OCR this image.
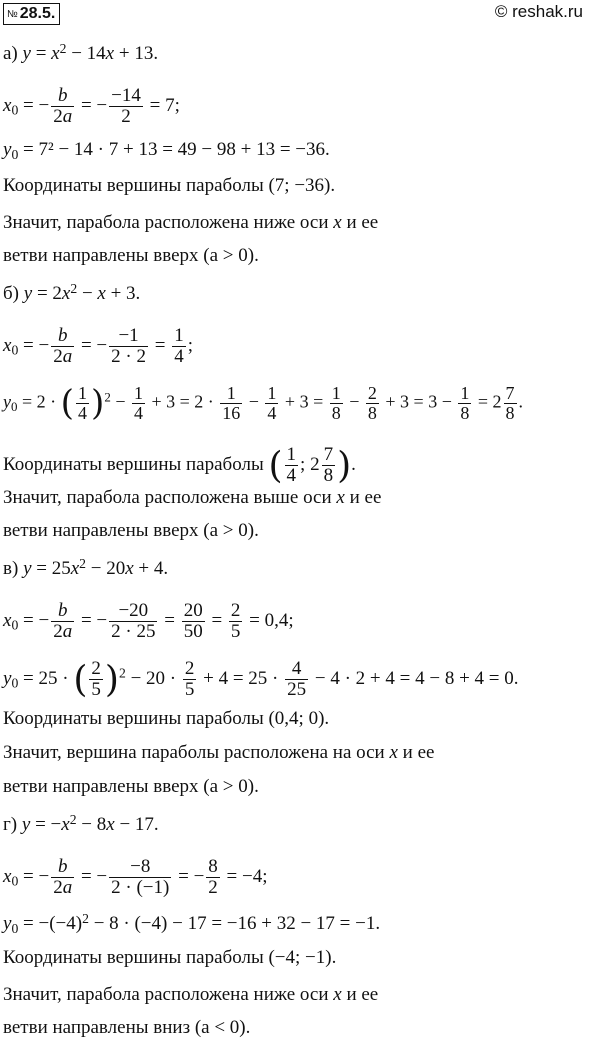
№ 28.5.	© reshak.ru
а) $y = x^2 - 14x + 13$.
$x_0$ = − $\frac{b}{2a}$ = − $\frac{-14}{2} = 7$;
$y_0 = 7^2 - 14 \cdot 7 + 13 = 49 - 98 + 13 = -36$.
Координаты вершины параболы (7; −36).
Значит, парабола расположена ниже оси x и ее
ветви направлены вверх (a > 0).
б) $y = 2x^2 - x + 3$.
$x_0$ = − $\frac{b}{2a}$ = − $\frac{-1}{2 \cdot 2} = \frac{1}{4}$ ;
$y_0 = 2$ · ( $\frac{1}{4} )^2 - \frac{1}{4} + 3 = 2 \cdot \frac{1}{16} - \frac{1}{4} + 3 = \frac{1}{8} - \frac{2}{8} + 3 = 3 - \frac{1}{8} = 2 \frac{7}{8}$ .
Координаты вершины параболы ( $\frac{1}{4}$ ; $2 \frac{7}{8}$ ).
Значит, парабола расположена выше оси x и ее
ветви направлены вверх (a > 0).
в) $y = 25x^2 - 20x + 4$.
$x_0$ = − $\frac{b}{2a}$ = − $\frac{-20}{2 \cdot 25} = \frac{20}{50} = \frac{2}{5} = 0,4$;
$y_0 = 25$ · ( $\frac{2}{5} )^2 - 20 \cdot \frac{2}{5} + 4 = 25 \cdot \frac{4}{25} - 4 \cdot 2 + 4 = 4 - 8 + 4 = 0$.
Координаты вершины параболы (0,4; 0).
Значит, вершина параболы расположена на оси x и ее
ветви направлены вверх (a > 0).
г) $y = -x^2 - 8x - 17$.
$x_0$ = − $\frac{b}{2a}$ = − $\frac{-8}{2 \cdot (-1)}$ = − $\frac{8}{2} = -4$;
$y_0 = -(-4)^2 - 8 \cdot (-4) - 17 = -16 + 32 - 17 = -1$.
Координаты вершины параболы (−4; −1).
Значит, парабола расположена ниже оси x и ее
ветви направлены вниз (a < 0).
